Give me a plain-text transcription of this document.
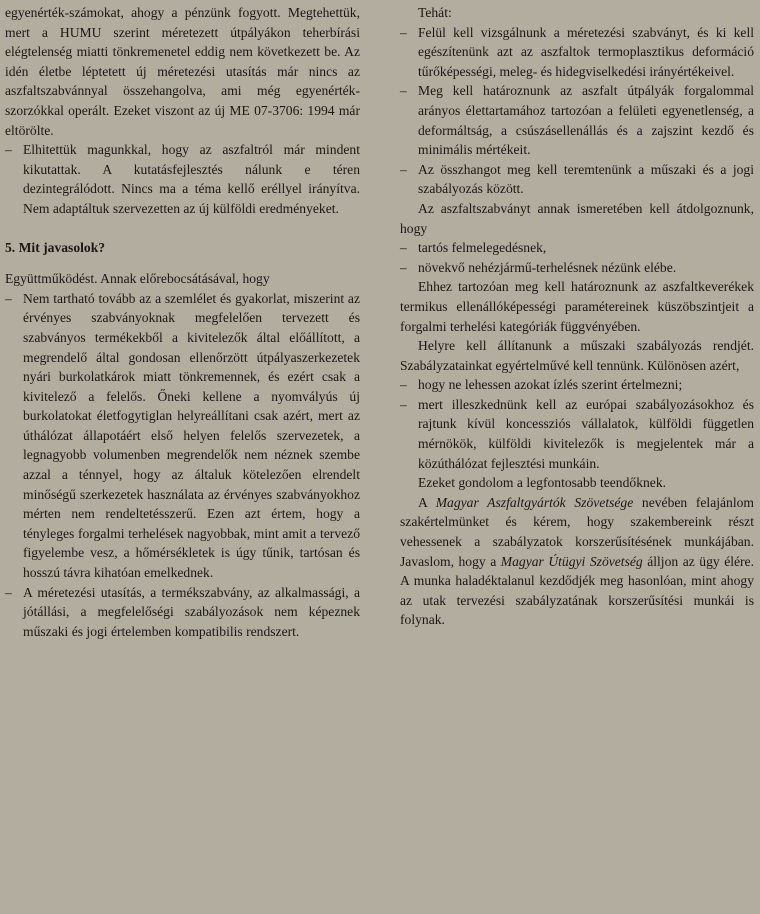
egyenérték-számokat, ahogy a pénzünk fogyott. Megtehettük, mert a HUMU szerint méretezett útpályákon teherbírási elégtelenség miatti tönkremenetel eddig nem következett be. Az idén életbe léptetett új méretezési utasítás már nincs az aszfaltszabvánnyal összehangolva, ami még egyenérték-szorzókkal operált. Ezeket viszont az új ME 07-3706: 1994 már eltörölte.

– Elhitettük magunkkal, hogy az aszfaltról már mindent kikutattak. A kutatásfejlesztés nálunk e téren dezintegrálódott. Nincs ma a téma kellő eréllyel irányítva. Nem adaptáltuk szervezetten az új külföldi eredményeket.

5. Mit javasolok?

Együttműködést. Annak előrebocsátásával, hogy

– Nem tartható tovább az a szemlélet és gyakorlat, miszerint az érvényes szabványoknak megfelelően tervezett és szabványos termékekből a kivitelezők által előállított, a megrendelő által gondosan ellenőrzött útpályaszerkezetek nyári burkolatkárok miatt tönkremennek, és ezért csak a kivitelező a felelős. Őneki kellene a nyomvályús új burkolatokat életfogytiglan helyreállítani csak azért, mert az úthálózat állapotáért első helyen felelős szervezetek, a legnagyobb volumenben megrendelők nem néznek szembe azzal a ténnyel, hogy az általuk kötelezően elrendelt minőségű szerkezetek használata az érvényes szabványokhoz mérten nem rendeltetésszerű. Ezen azt értem, hogy a tényleges forgalmi terhelések nagyobbak, mint amit a tervező figyelembe vesz, a hőmérsékletek is úgy tűnik, tartósan és hosszú távra kihatóan emelkednek.

– A méretezési utasítás, a termékszabvány, az alkalmassági, a jótállási, a megfelelőségi szabályozások nem képeznek műszaki és jogi értelemben kompatibilis rendszert.

Tehát:

– Felül kell vizsgálnunk a méretezési szabványt, és ki kell egészítenünk azt az aszfaltok termoplasztikus deformáció tűrőképességi, meleg- és hidegviselkedési irányértékeivel.

– Meg kell határoznunk az aszfalt útpályák forgalommal arányos élettartamához tartozóan a felületi egyenetlenség, a deformáltság, a csúszásellenállás és a zajszint kezdő és minimális mértékeit.

– Az összhangot meg kell teremtenünk a műszaki és a jogi szabályozás között.

Az aszfaltszabványt annak ismeretében kell átdolgoznunk, hogy

– tartós felmelegedésnek,

– növekvő nehézjármű-terhelésnek nézünk elébe.

Ehhez tartozóan meg kell határoznunk az aszfaltkeverékek termikus ellenállóképességi paramétereinek küszöbszintjeit a forgalmi terhelési kategóriák függvényében.

Helyre kell állítanunk a műszaki szabályozás rendjét. Szabályzatainkat egyértelművé kell tennünk. Különösen azért,

– hogy ne lehessen azokat ízlés szerint értelmezni;

– mert illeszkednünk kell az európai szabályozásokhoz és rajtunk kívül koncessziós vállalatok, külföldi független mérnökök, külföldi kivitelezők is megjelentek már a közúthálózat fejlesztési munkáin.

Ezeket gondolom a legfontosabb teendőknek.

A Magyar Aszfaltgyártók Szövetsége nevében felajánlom szakértelmünket és kérem, hogy szakembereink részt vehessenek a szabályzatok korszerűsítésének munkájában. Javaslom, hogy a Magyar Útügyi Szövetség álljon az ügy élére. A munka haladéktalanul kezdődjék meg hasonlóan, mint ahogy az utak tervezési szabályzatának korszerűsítési munkái is folynak.
